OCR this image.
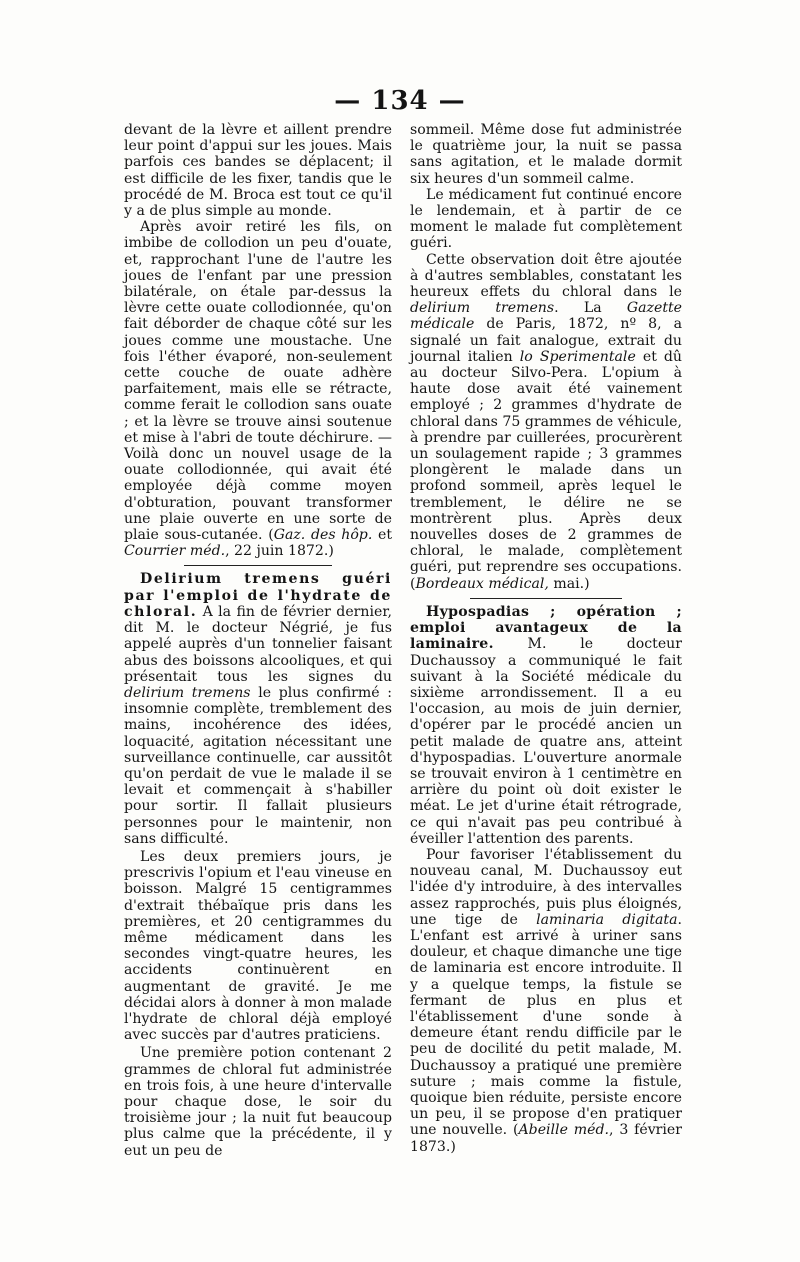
— 134 —

devant de la lèvre et aillent prendre leur point d'appui sur les joues. Mais parfois ces bandes se déplacent; il est difficile de les fixer, tandis que le procédé de M. Broca est tout ce qu'il y a de plus simple au monde.

Après avoir retiré les fils, on imbibe de collodion un peu d'ouate, et, rapprochant l'une de l'autre les joues de l'enfant par une pression bilatérale, on étale par-dessus la lèvre cette ouate collodionnée, qu'on fait déborder de chaque côté sur les joues comme une moustache. Une fois l'éther évaporé, non-seulement cette couche de ouate adhère parfaitement, mais elle se rétracte, comme ferait le collodion sans ouate ; et la lèvre se trouve ainsi soutenue et mise à l'abri de toute déchirure. — Voilà donc un nouvel usage de la ouate collodionnée, qui avait été employée déjà comme moyen d'obturation, pouvant transformer une plaie ouverte en une sorte de plaie sous-cutanée. (Gaz. des hôp. et Courrier méd., 22 juin 1872.)

Delirium tremens guéri par l'emploi de l'hydrate de chloral. A la fin de février dernier, dit M. le docteur Négrié, je fus appelé auprès d'un tonnelier faisant abus des boissons alcooliques, et qui présentait tous les signes du delirium tremens le plus confirmé : insomnie complète, tremblement des mains, incohérence des idées, loquacité, agitation nécessitant une surveillance continuelle, car aussitôt qu'on perdait de vue le malade il se levait et commençait à s'habiller pour sortir. Il fallait plusieurs personnes pour le maintenir, non sans difficulté.

Les deux premiers jours, je prescrivis l'opium et l'eau vineuse en boisson. Malgré 15 centigrammes d'extrait thébaïque pris dans les premières, et 20 centigrammes du même médicament dans les secondes vingt-quatre heures, les accidents continuèrent en augmentant de gravité. Je me décidai alors à donner à mon malade l'hydrate de chloral déjà employé avec succès par d'autres praticiens.

Une première potion contenant 2 grammes de chloral fut administrée en trois fois, à une heure d'intervalle pour chaque dose, le soir du troisième jour ; la nuit fut beaucoup plus calme que la précédente, il y eut un peu de

sommeil. Même dose fut administrée le quatrième jour, la nuit se passa sans agitation, et le malade dormit six heures d'un sommeil calme.

Le médicament fut continué encore le lendemain, et à partir de ce moment le malade fut complètement guéri.

Cette observation doit être ajoutée à d'autres semblables, constatant les heureux effets du chloral dans le delirium tremens. La Gazette médicale de Paris, 1872, nº 8, a signalé un fait analogue, extrait du journal italien lo Sperimentale et dû au docteur Silvo-Pera. L'opium à haute dose avait été vainement employé ; 2 grammes d'hydrate de chloral dans 75 grammes de véhicule, à prendre par cuillerées, procurèrent un soulagement rapide ; 3 grammes plongèrent le malade dans un profond sommeil, après lequel le tremblement, le délire ne se montrèrent plus. Après deux nouvelles doses de 2 grammes de chloral, le malade, complètement guéri, put reprendre ses occupations. (Bordeaux médical, mai.)

Hypospadias ; opération ; emploi avantageux de la laminaire. M. le docteur Duchaussoy a communiqué le fait suivant à la Société médicale du sixième arrondissement. Il a eu l'occasion, au mois de juin dernier, d'opérer par le procédé ancien un petit malade de quatre ans, atteint d'hypospadias. L'ouverture anormale se trouvait environ à 1 centimètre en arrière du point où doit exister le méat. Le jet d'urine était rétrograde, ce qui n'avait pas peu contribué à éveiller l'attention des parents.

Pour favoriser l'établissement du nouveau canal, M. Duchaussoy eut l'idée d'y introduire, à des intervalles assez rapprochés, puis plus éloignés, une tige de laminaria digitata. L'enfant est arrivé à uriner sans douleur, et chaque dimanche une tige de laminaria est encore introduite. Il y a quelque temps, la fistule se fermant de plus en plus et l'établissement d'une sonde à demeure étant rendu difficile par le peu de docilité du petit malade, M. Duchaussoy a pratiqué une première suture ; mais comme la fistule, quoique bien réduite, persiste encore un peu, il se propose d'en pratiquer une nouvelle. (Abeille méd., 3 février 1873.)
